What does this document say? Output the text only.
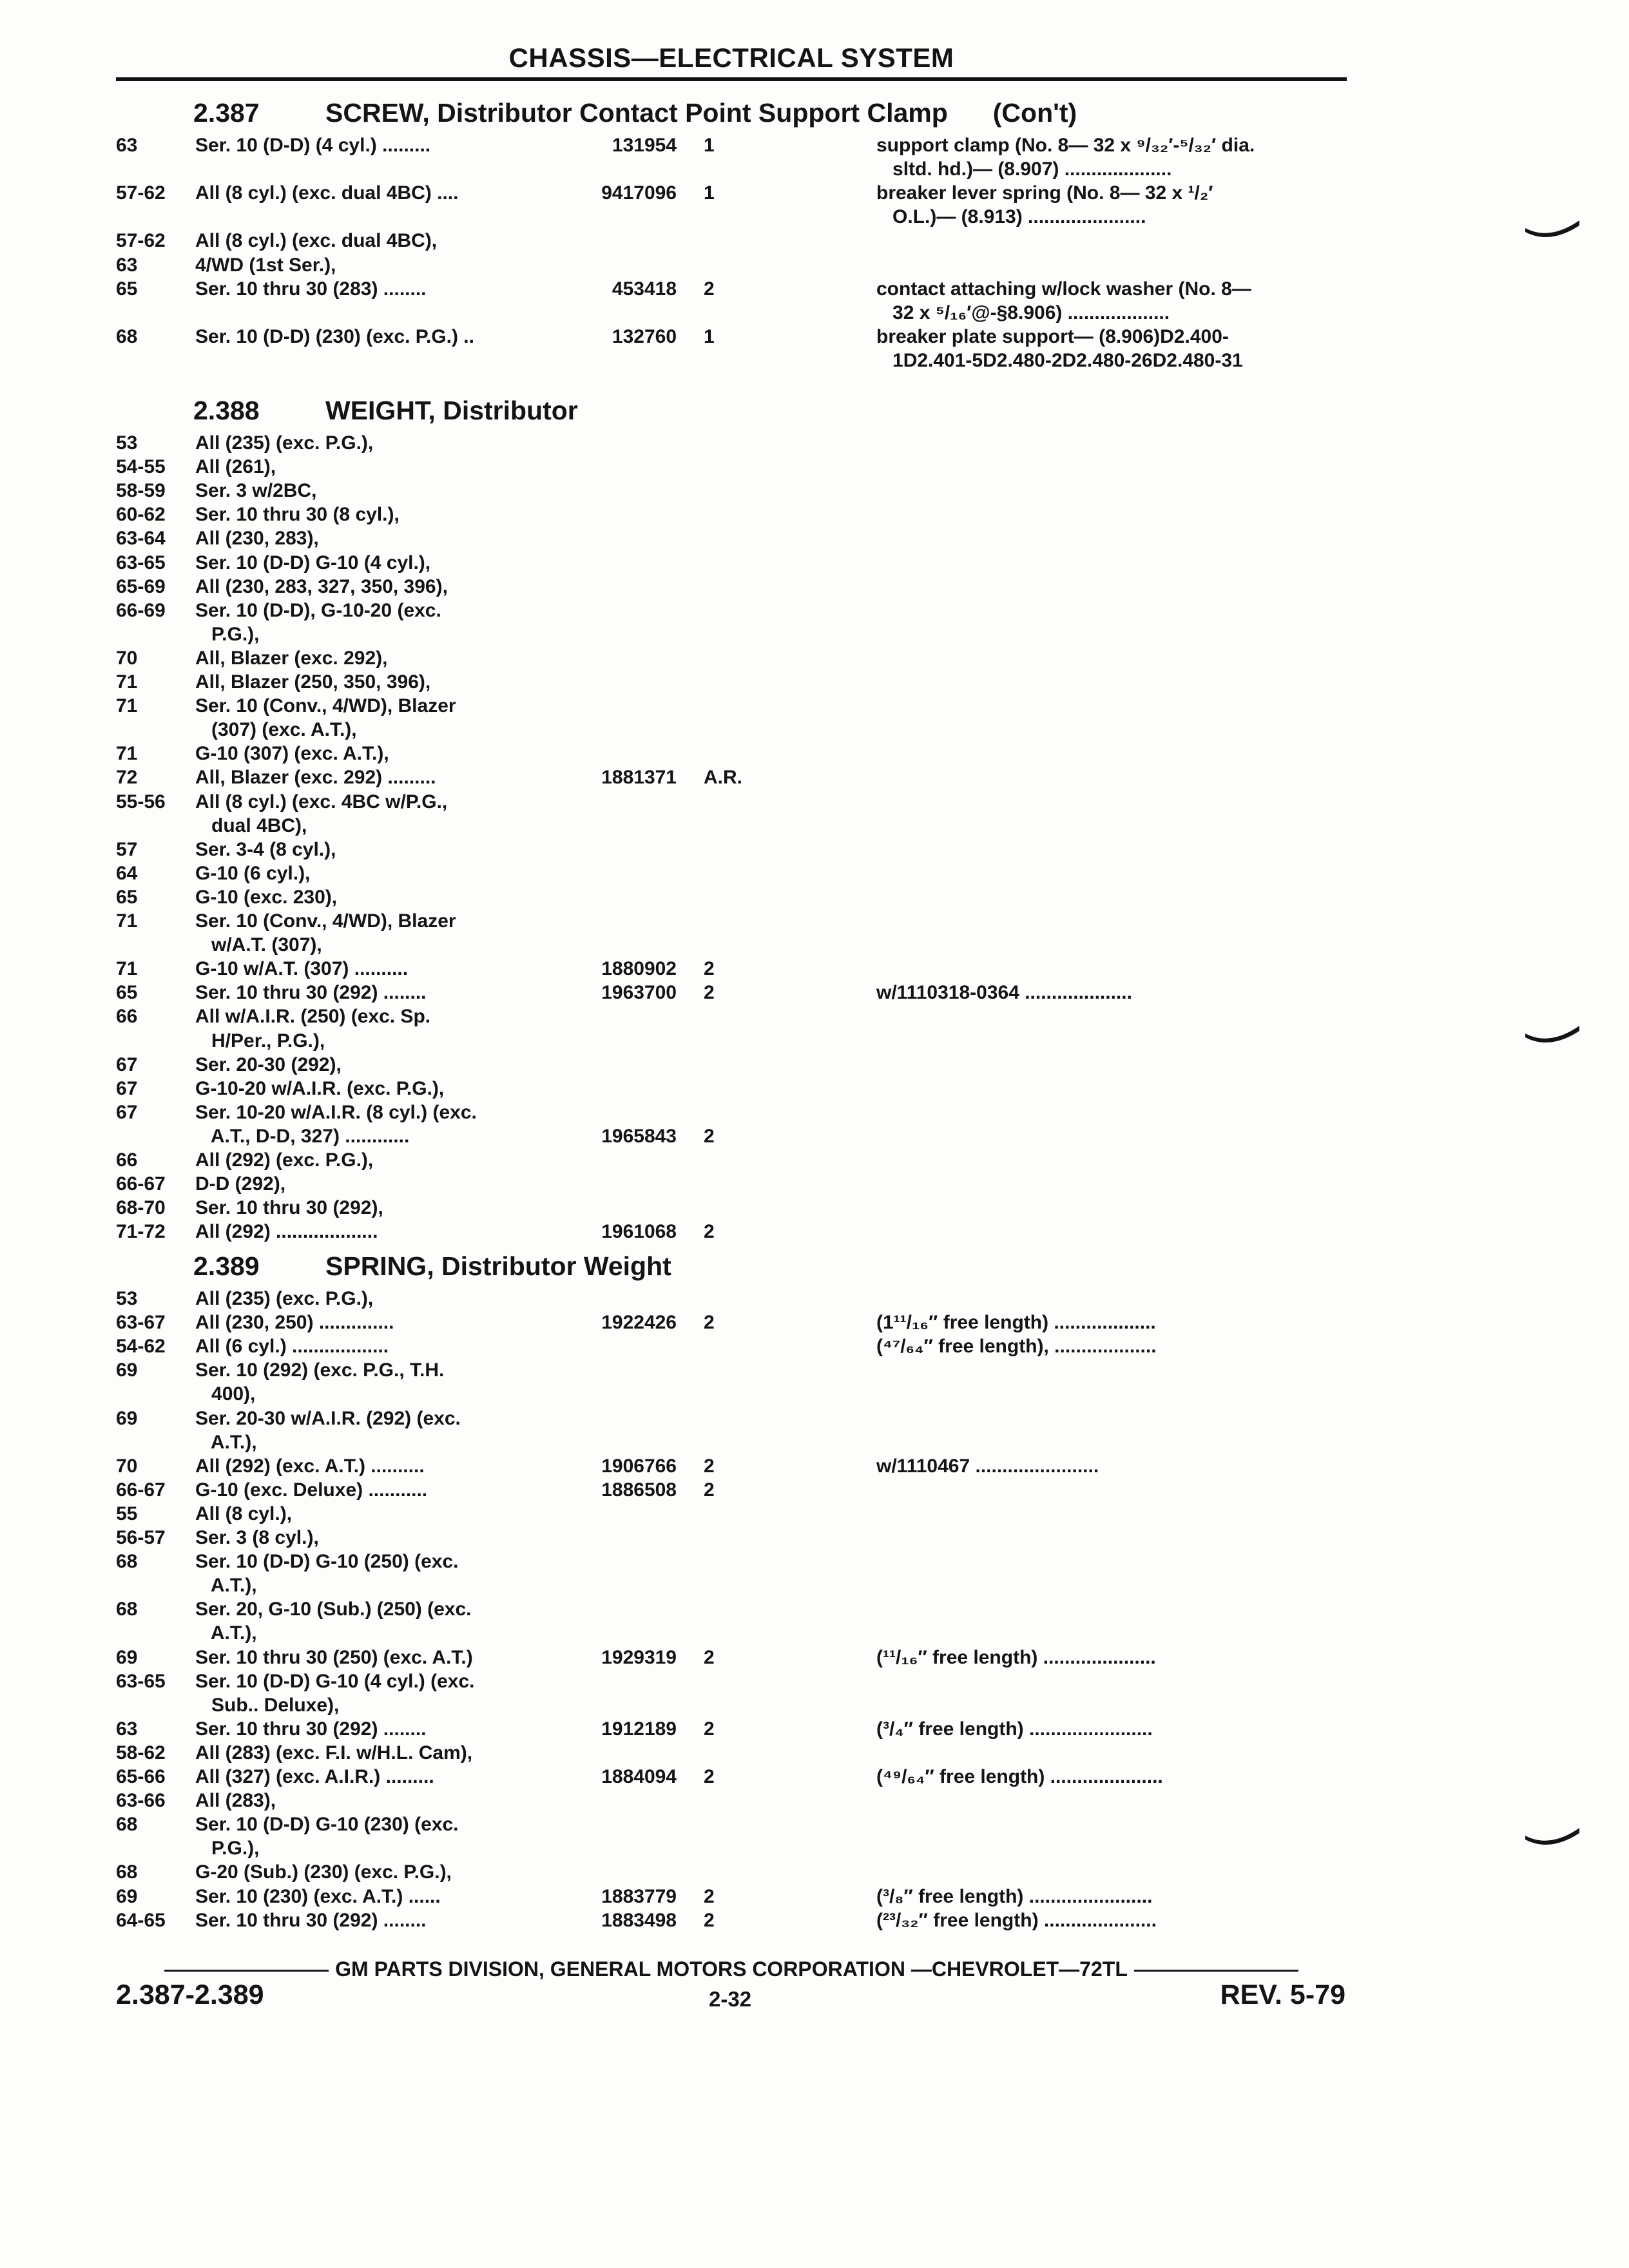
CHASSIS—ELECTRICAL SYSTEM
2.387 SCREW, Distributor Contact Point Support Clamp (Con't)
63	Ser. 10 (D-D) (4 cyl.) .........	131954 1	support clamp (No. 8— 32 x ⁹/₃₂′-⁵/₃₂′ dia.
sltd. hd.)— (8.907) ....................
57-62	All (8 cyl.) (exc. dual 4BC) ....	9417096 1	breaker lever spring (No. 8— 32 x ¹/₂′
O.L.)— (8.913) ......................
57-62	All (8 cyl.) (exc. dual 4BC),
63	4/WD (1st Ser.),
65	Ser. 10 thru 30 (283) ........	453418 2	contact attaching w/lock washer (No. 8—
32 x ⁵/₁₆′@-§8.906) ...................
68	Ser. 10 (D-D) (230) (exc. P.G.) ..	132760 1	breaker plate support— (8.906)D2.400-
1D2.401-5D2.480-2D2.480-26D2.480-31
2.388 WEIGHT, Distributor
53	All (235) (exc. P.G.),
54-55	All (261),
58-59	Ser. 3 w/2BC,
60-62	Ser. 10 thru 30 (8 cyl.),
63-64	All (230, 283),
63-65	Ser. 10 (D-D) G-10 (4 cyl.),
65-69	All (230, 283, 327, 350, 396),
66-69	Ser. 10 (D-D), G-10-20 (exc.
P.G.),
70	All, Blazer (exc. 292),
71	All, Blazer (250, 350, 396),
71	Ser. 10 (Conv., 4/WD), Blazer
(307) (exc. A.T.),
71	G-10 (307) (exc. A.T.),
72	All, Blazer (exc. 292) .........	1881371 A.R.
55-56	All (8 cyl.) (exc. 4BC w/P.G.,
dual 4BC),
57	Ser. 3-4 (8 cyl.),
64	G-10 (6 cyl.),
65	G-10 (exc. 230),
71	Ser. 10 (Conv., 4/WD), Blazer
w/A.T. (307),
71	G-10 w/A.T. (307) ..........	1880902 2
65	Ser. 10 thru 30 (292) ........	1963700 2	w/1110318-0364 ....................
66	All w/A.I.R. (250) (exc. Sp.
H/Per., P.G.),
67	Ser. 20-30 (292),
67	G-10-20 w/A.I.R. (exc. P.G.),
67	Ser. 10-20 w/A.I.R. (8 cyl.) (exc.
A.T., D-D, 327) ............	1965843 2
66	All (292) (exc. P.G.),
66-67	D-D (292),
68-70	Ser. 10 thru 30 (292),
71-72	All (292) ...................	1961068 2
2.389 SPRING, Distributor Weight
53	All (235) (exc. P.G.),
63-67	All (230, 250) ..............	1922426 2	(1¹¹/₁₆″ free length) ...................
54-62	All (6 cyl.) ..................	(⁴⁷/₆₄″ free length), ...................
69	Ser. 10 (292) (exc. P.G., T.H.
400),
69	Ser. 20-30 w/A.I.R. (292) (exc.
A.T.),
70	All (292) (exc. A.T.) ..........	1906766 2	w/1110467 .......................
66-67	G-10 (exc. Deluxe) ...........	1886508 2
55	All (8 cyl.),
56-57	Ser. 3 (8 cyl.),
68	Ser. 10 (D-D) G-10 (250) (exc.
A.T.),
68	Ser. 20, G-10 (Sub.) (250) (exc.
A.T.),
69	Ser. 10 thru 30 (250) (exc. A.T.)	1929319 2	(¹¹/₁₆″ free length) .....................
63-65	Ser. 10 (D-D) G-10 (4 cyl.) (exc.
Sub.. Deluxe),
63	Ser. 10 thru 30 (292) ........	1912189 2	(³/₄″ free length) .......................
58-62	All (283) (exc. F.I. w/H.L. Cam),
65-66	All (327) (exc. A.I.R.) .........	1884094 2	(⁴⁹/₆₄″ free length) .....................
63-66	All (283),
68	Ser. 10 (D-D) G-10 (230) (exc.
P.G.),
68	G-20 (Sub.) (230) (exc. P.G.),
69	Ser. 10 (230) (exc. A.T.) ......	1883779 2	(³/₈″ free length) .......................
64-65	Ser. 10 thru 30 (292) ........	1883498 2	(²³/₃₂″ free length) .....................
GM PARTS DIVISION, GENERAL MOTORS CORPORATION —CHEVROLET—72TL
2.387-2.389	2-32	REV. 5-79
